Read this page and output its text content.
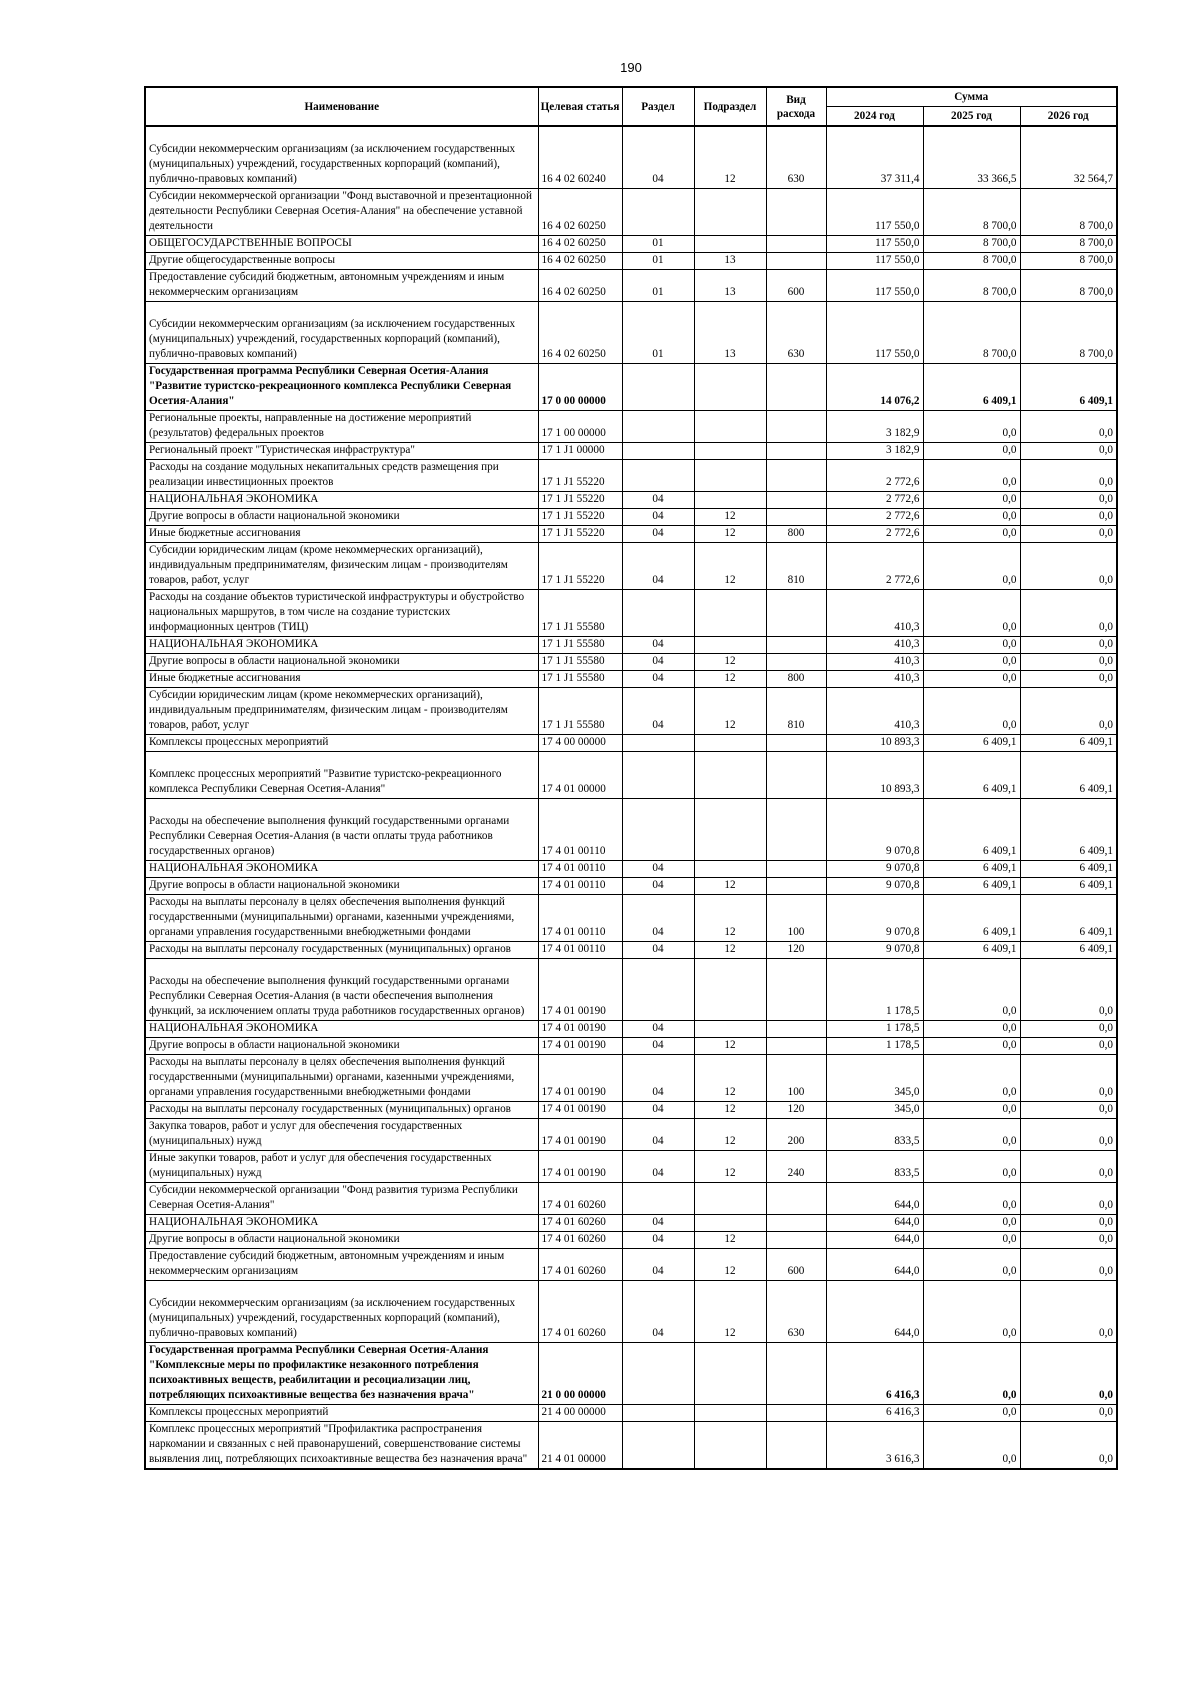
190
Наименование	Целевая статья	Раздел	Подраздел	Вид расхода	Сумма		
					2024 год	2025 год	2026 год

Субсидии некоммерческим организациям (за исключением государственных (муниципальных) учреждений, государственных корпораций (компаний), публично-правовых компаний)	16 4 02 60240	04	12	630	37 311,4	33 366,5	32 564,7
Субсидии некоммерческой организации "Фонд выставочной и презентационной деятельности Республики Северная Осетия-Алания" на обеспечение уставной деятельности	16 4 02 60250				117 550,0	8 700,0	8 700,0
ОБЩЕГОСУДАРСТВЕННЫЕ ВОПРОСЫ	16 4 02 60250	01			117 550,0	8 700,0	8 700,0
Другие общегосударственные вопросы	16 4 02 60250	01	13		117 550,0	8 700,0	8 700,0
Предоставление субсидий бюджетным, автономным учреждениям и иным некоммерческим организациям	16 4 02 60250	01	13	600	117 550,0	8 700,0	8 700,0

Субсидии некоммерческим организациям (за исключением государственных (муниципальных) учреждений, государственных корпораций (компаний), публично-правовых компаний)	16 4 02 60250	01	13	630	117 550,0	8 700,0	8 700,0
Государственная программа Республики Северная Осетия-Алания "Развитие туристско-рекреационного комплекса Республики Северная Осетия-Алания"	17 0 00 00000				14 076,2	6 409,1	6 409,1
Региональные проекты, направленные на достижение мероприятий (результатов) федеральных проектов	17 1 00 00000				3 182,9	0,0	0,0
Региональный проект "Туристическая инфраструктура"	17 1 J1 00000				3 182,9	0,0	0,0
Расходы на создание модульных некапитальных средств размещения при реализации инвестиционных проектов	17 1 J1 55220				2 772,6	0,0	0,0
НАЦИОНАЛЬНАЯ ЭКОНОМИКА	17 1 J1 55220	04			2 772,6	0,0	0,0
Другие вопросы в области национальной экономики	17 1 J1 55220	04	12		2 772,6	0,0	0,0
Иные бюджетные ассигнования	17 1 J1 55220	04	12	800	2 772,6	0,0	0,0
Субсидии юридическим лицам (кроме некоммерческих организаций), индивидуальным предпринимателям, физическим лицам - производителям товаров, работ, услуг	17 1 J1 55220	04	12	810	2 772,6	0,0	0,0
Расходы на создание объектов туристической инфраструктуры и обустройство национальных маршрутов, в том числе на создание туристских информационных центров (ТИЦ)	17 1 J1 55580				410,3	0,0	0,0
НАЦИОНАЛЬНАЯ ЭКОНОМИКА	17 1 J1 55580	04			410,3	0,0	0,0
Другие вопросы в области национальной экономики	17 1 J1 55580	04	12		410,3	0,0	0,0
Иные бюджетные ассигнования	17 1 J1 55580	04	12	800	410,3	0,0	0,0
Субсидии юридическим лицам (кроме некоммерческих организаций), индивидуальным предпринимателям, физическим лицам - производителям товаров, работ, услуг	17 1 J1 55580	04	12	810	410,3	0,0	0,0
Комплексы процессных мероприятий	17 4 00 00000				10 893,3	6 409,1	6 409,1

Комплекс процессных мероприятий "Развитие туристско-рекреационного комплекса Республики Северная Осетия-Алания"	17 4 01 00000				10 893,3	6 409,1	6 409,1

Расходы на обеспечение выполнения функций государственными органами Республики Северная Осетия-Алания (в части оплаты труда работников государственных органов)	17 4 01 00110				9 070,8	6 409,1	6 409,1
НАЦИОНАЛЬНАЯ ЭКОНОМИКА	17 4 01 00110	04			9 070,8	6 409,1	6 409,1
Другие вопросы в области национальной экономики	17 4 01 00110	04	12		9 070,8	6 409,1	6 409,1
Расходы на выплаты персоналу в целях обеспечения выполнения функций государственными (муниципальными) органами, казенными учреждениями, органами управления государственными внебюджетными фондами	17 4 01 00110	04	12	100	9 070,8	6 409,1	6 409,1
Расходы на выплаты персоналу государственных (муниципальных) органов	17 4 01 00110	04	12	120	9 070,8	6 409,1	6 409,1

Расходы на обеспечение выполнения функций государственными органами Республики Северная Осетия-Алания (в части обеспечения выполнения функций, за исключением оплаты труда работников государственных органов)	17 4 01 00190				1 178,5	0,0	0,0
НАЦИОНАЛЬНАЯ ЭКОНОМИКА	17 4 01 00190	04			1 178,5	0,0	0,0
Другие вопросы в области национальной экономики	17 4 01 00190	04	12		1 178,5	0,0	0,0
Расходы на выплаты персоналу в целях обеспечения выполнения функций государственными (муниципальными) органами, казенными учреждениями, органами управления государственными внебюджетными фондами	17 4 01 00190	04	12	100	345,0	0,0	0,0
Расходы на выплаты персоналу государственных (муниципальных) органов	17 4 01 00190	04	12	120	345,0	0,0	0,0
Закупка товаров, работ и услуг для обеспечения государственных (муниципальных) нужд	17 4 01 00190	04	12	200	833,5	0,0	0,0
Иные закупки товаров, работ и услуг для обеспечения государственных (муниципальных) нужд	17 4 01 00190	04	12	240	833,5	0,0	0,0
Субсидии некоммерческой организации "Фонд развития туризма Республики Северная Осетия-Алания"	17 4 01 60260				644,0	0,0	0,0
НАЦИОНАЛЬНАЯ ЭКОНОМИКА	17 4 01 60260	04			644,0	0,0	0,0
Другие вопросы в области национальной экономики	17 4 01 60260	04	12		644,0	0,0	0,0
Предоставление субсидий бюджетным, автономным учреждениям и иным некоммерческим организациям	17 4 01 60260	04	12	600	644,0	0,0	0,0

Субсидии некоммерческим организациям (за исключением государственных (муниципальных) учреждений, государственных корпораций (компаний), публично-правовых компаний)	17 4 01 60260	04	12	630	644,0	0,0	0,0
Государственная программа Республики Северная Осетия-Алания "Комплексные меры по профилактике незаконного потребления психоактивных веществ, реабилитации и ресоциализации лиц, потребляющих психоактивные вещества без назначения врача"	21 0 00 00000				6 416,3	0,0	0,0
Комплексы процессных мероприятий	21 4 00 00000				6 416,3	0,0	0,0
Комплекс процессных мероприятий "Профилактика распространения наркомании и связанных с ней правонарушений, совершенствование системы выявления лиц, потребляющих психоактивные вещества без назначения врача"	21 4 01 00000				3 616,3	0,0	0,0
